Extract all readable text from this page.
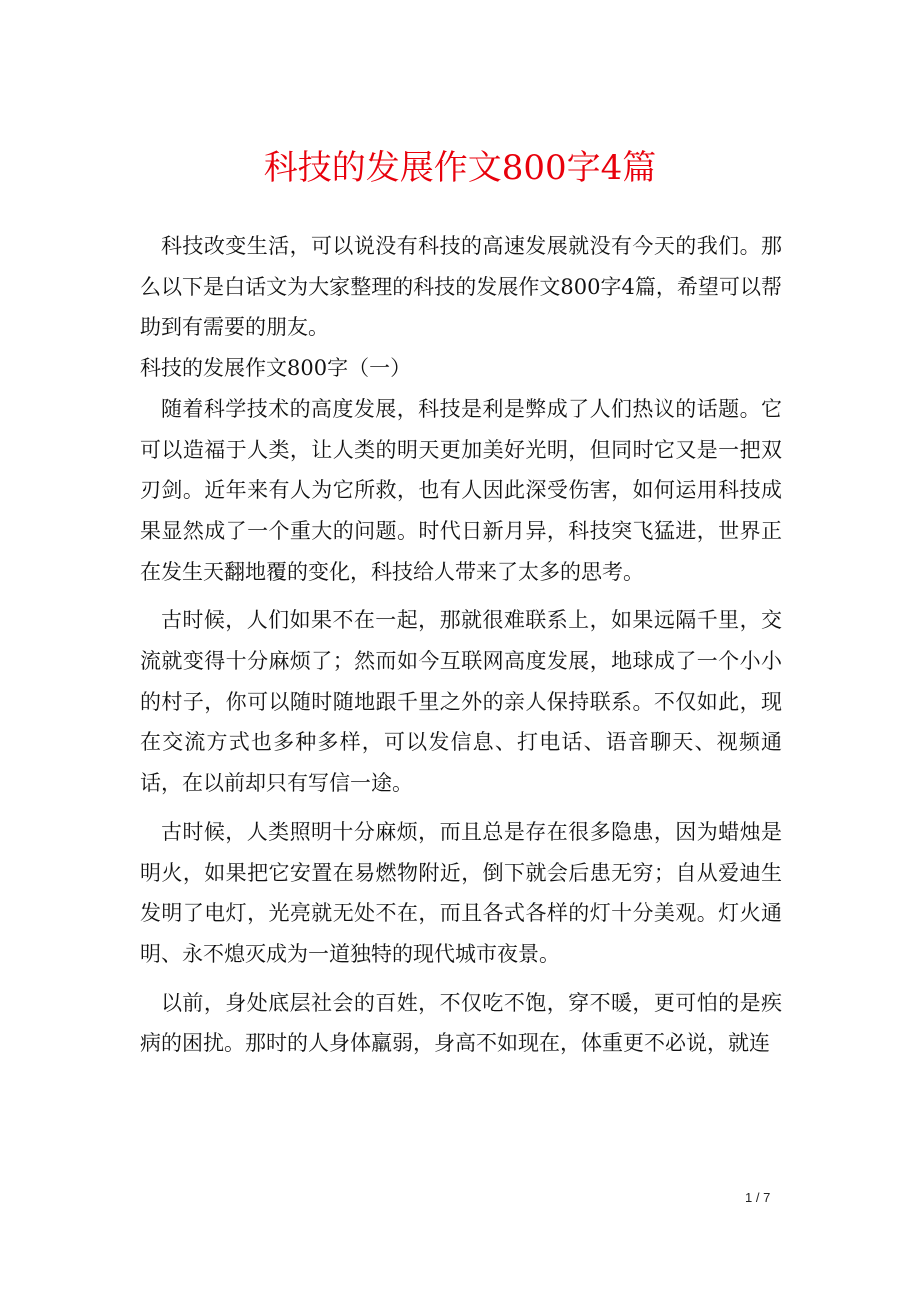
科技的发展作文800字4篇

科技改变生活，可以说没有科技的高速发展就没有今天的我们。那么以下是白话文为大家整理的科技的发展作文800字4篇，希望可以帮助到有需要的朋友。

科技的发展作文800字（一）

随着科学技术的高度发展，科技是利是弊成了人们热议的话题。它可以造福于人类，让人类的明天更加美好光明，但同时它又是一把双刃剑。近年来有人为它所救，也有人因此深受伤害，如何运用科技成果显然成了一个重大的问题。时代日新月异，科技突飞猛进，世界正在发生天翻地覆的变化，科技给人带来了太多的思考。

古时候，人们如果不在一起，那就很难联系上，如果远隔千里，交流就变得十分麻烦了；然而如今互联网高度发展，地球成了一个小小的村子，你可以随时随地跟千里之外的亲人保持联系。不仅如此，现在交流方式也多种多样，可以发信息、打电话、语音聊天、视频通话，在以前却只有写信一途。

古时候，人类照明十分麻烦，而且总是存在很多隐患，因为蜡烛是明火，如果把它安置在易燃物附近，倒下就会后患无穷；自从爱迪生发明了电灯，光亮就无处不在，而且各式各样的灯十分美观。灯火通明、永不熄灭成为一道独特的现代城市夜景。

以前，身处底层社会的百姓，不仅吃不饱，穿不暖，更可怕的是疾病的困扰。那时的人身体羸弱，身高不如现在，体重更不必说，就连

1 / 7
